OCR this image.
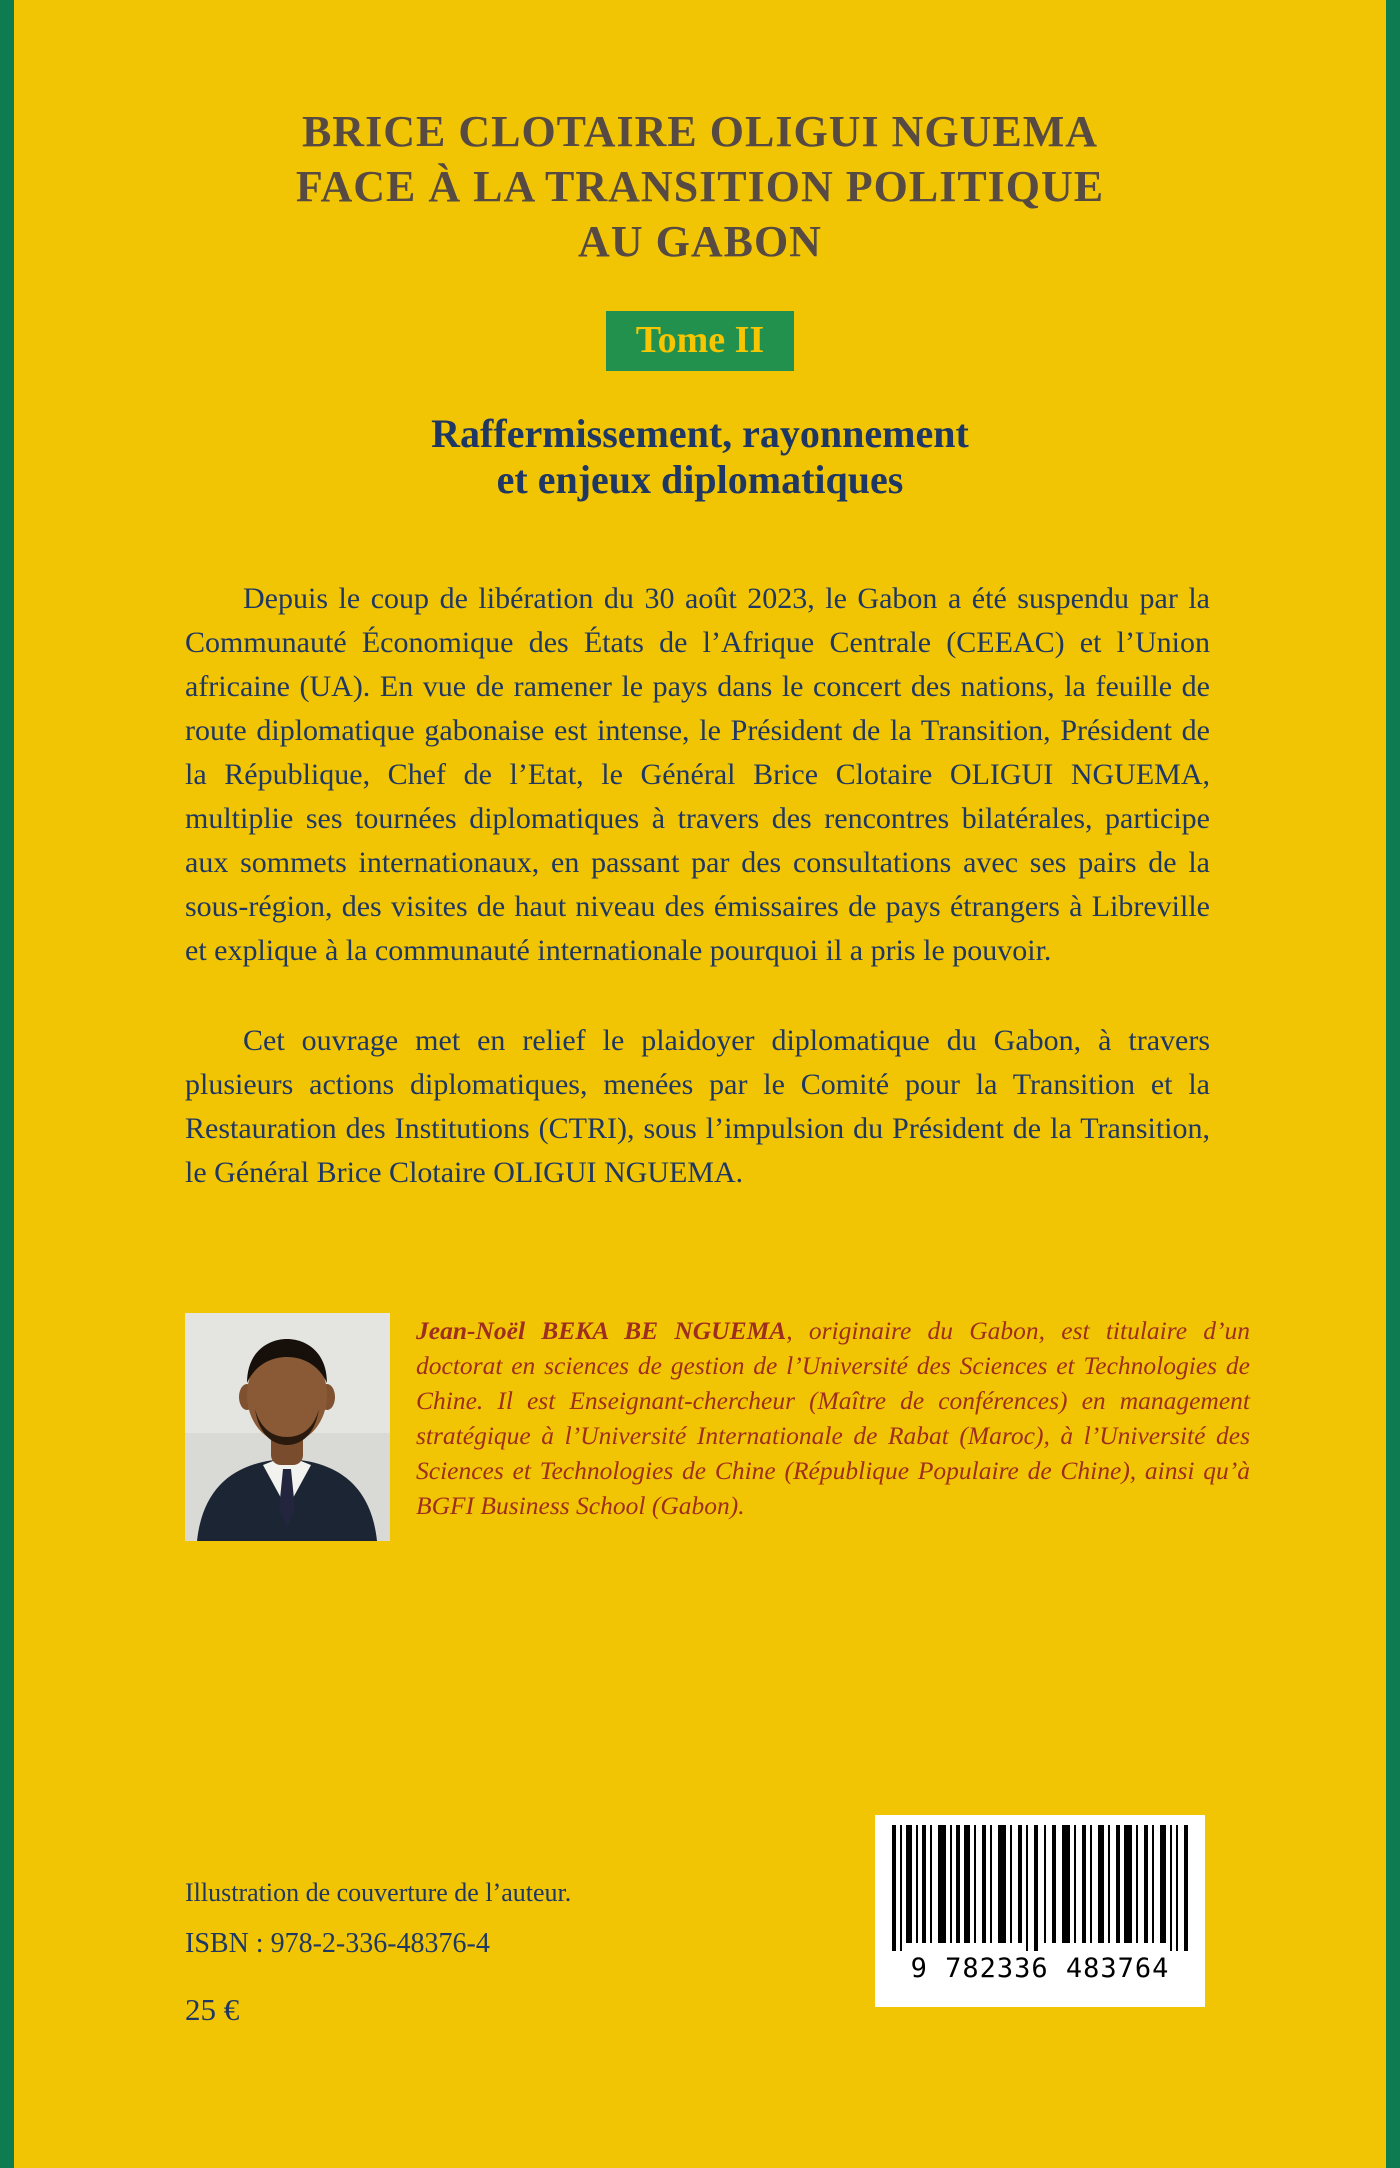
BRICE CLOTAIRE OLIGUI NGUEMA
FACE À LA TRANSITION POLITIQUE
AU GABON
Tome II
Raffermissement, rayonnement
et enjeux diplomatiques

Depuis le coup de libération du 30 août 2023, le Gabon a été suspendu par la Communauté Économique des États de l’Afrique Centrale (CEEAC) et l’Union africaine (UA). En vue de ramener le pays dans le concert des nations, la feuille de route diplomatique gabonaise est intense, le Président de la Transition, Président de la République, Chef de l’Etat, le Général Brice Clotaire OLIGUI NGUEMA, multiplie ses tournées diplomatiques à travers des rencontres bilatérales, participe aux sommets internationaux, en passant par des consultations avec ses pairs de la sous-région, des visites de haut niveau des émissaires de pays étrangers à Libreville et explique à la communauté internationale pourquoi il a pris le pouvoir.

Cet ouvrage met en relief le plaidoyer diplomatique du Gabon, à travers plusieurs actions diplomatiques, menées par le Comité pour la Transition et la Restauration des Institutions (CTRI), sous l’impulsion du Président de la Transition, le Général Brice Clotaire OLIGUI NGUEMA.

Jean-Noël BEKA BE NGUEMA, originaire du Gabon, est titulaire d’un doctorat en sciences de gestion de l’Université des Sciences et Technologies de Chine. Il est Enseignant-chercheur (Maître de conférences) en management stratégique à l’Université Internationale de Rabat (Maroc), à l’Université des Sciences et Technologies de Chine (République Populaire de Chine), ainsi qu’à BGFI Business School (Gabon).
Illustration de couverture de l’auteur.
ISBN : 978-2-336-48376-4
25 €
9 782336 483764
